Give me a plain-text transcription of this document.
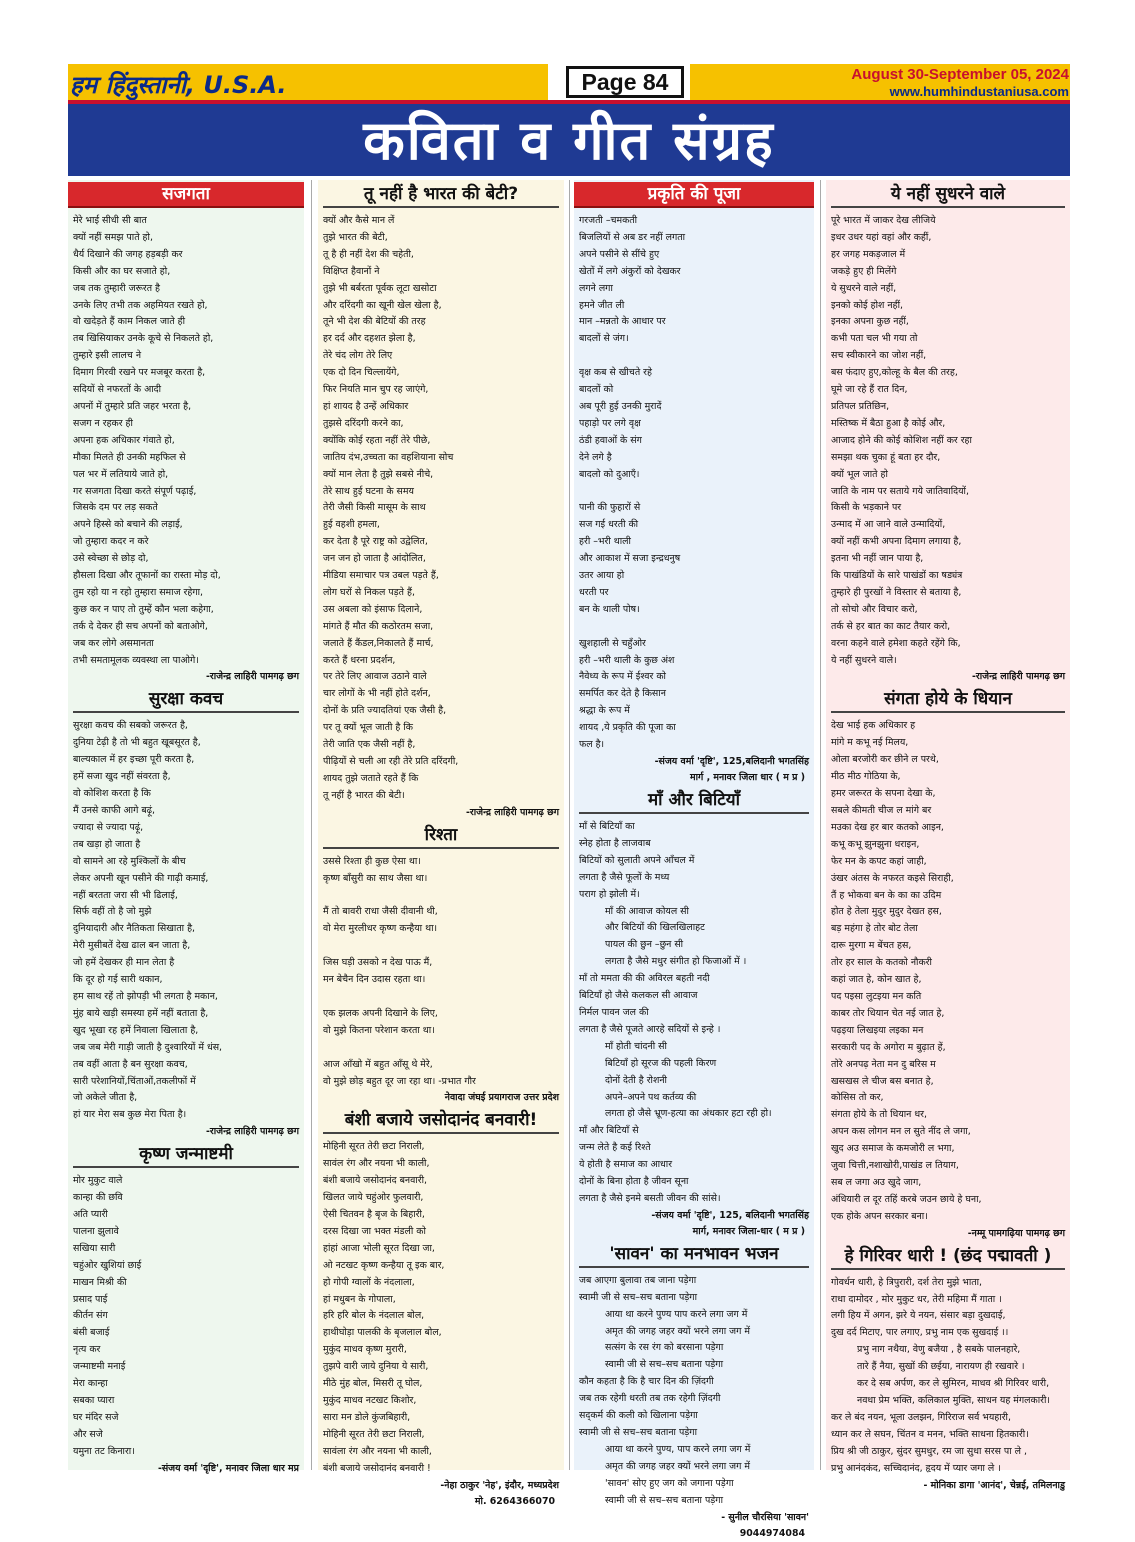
हम हिंदुस्तानी, U.S.A.	Page 84	August 30-September 05, 2024
www.humhindustaniusa.com
कविता व गीत संग्रह
सजगता
मेरे भाई सीधी सी बात
क्यों नहीं समझ पाते हो,
धैर्य दिखाने की जगह हड़बड़ी कर
किसी और का घर सजाते हो,
जब तक तुम्हारी जरूरत है
उनके लिए तभी तक अहमियत रखते हो,
वो खदेड़ते हैं काम निकल जाते ही
तब खिसियाकर उनके कूचे से निकलते हो,
तुम्हारे इसी लालच ने
दिमाग गिरवी रखने पर मजबूर करता है,
सदियों से नफरतों के आदी
अपनों में तुम्हारे प्रति जहर भरता है,
सजग न रहकर ही
अपना हक अधिकार गंवाते हो,
मौका मिलते ही उनकी महफिल से
पल भर में लतियाये जाते हो,
गर सजगता दिखा करते संपूर्ण पढ़ाई,
जिसके दम पर लड़ सकते
अपने हिस्से को बचाने की लड़ाई,
जो तुम्हारा कदर न करे
उसे स्वेच्छा से छोड़ दो,
हौसला दिखा और तूफानों का रास्ता मोड़ दो,
तुम रहो या न रहो तुम्हारा समाज रहेगा,
कुछ कर न पाए तो तुम्हें कौन भला कहेगा,
तर्क दे देकर ही सच अपनों को बताओगे,
जब कर लोगे असमानता
तभी समतामूलक व्यवस्था ला पाओगे।
-राजेन्द्र लाहिरी पामगढ़ छग
सुरक्षा कवच
सुरक्षा कवच की सबको जरूरत है,
दुनिया टेढ़ी है तो भी बहुत खूबसूरत है,
बाल्यकाल में हर इच्छा पूरी करता है,
हमें सजा खुद नहीं संवरता है,
वो कोशिश करता है कि
मैं उनसे काफी आगे बढ़ूं,
ज्यादा से ज्यादा पढ़ूं,
तब खड़ा हो जाता है
वो सामने आ रहे मुश्किलों के बीच
लेकर अपनी खून पसीने की गाढ़ी कमाई,
नहीं बरतता जरा सी भी ढिलाई,
सिर्फ वहीं तो है जो मुझे
दुनियादारी और नैतिकता सिखाता है,
मेरी मुसीबतें देख ढाल बन जाता है,
जो हमें देखकर ही मान लेता है
कि दूर हो गई सारी थकान,
हम साथ रहें तो झोपड़ी भी लगता है मकान,
मुंह बाये खड़ी समस्या हमें नहीं बताता है,
खुद भूखा रह हमें निवाला खिलाता है,
जब जब मेरी गाड़ी जाती है दुश्वारियों में धंस,
तब वहीं आता है बन सुरक्षा कवच,
सारी परेशानियों,चिंताओं,तकलीफों में
जो अकेले जीता है,
हां यार मेरा सब कुछ मेरा पिता है।
-राजेन्द्र लाहिरी पामगढ़ छग
कृष्ण जन्माष्टमी
मोर मुकुट वाले
कान्हा की छवि
अति प्यारी
पालना झुलावे
सखिया सारी
चहुंओर खुशियां छाई
माखन मिश्री की
प्रसाद पाई
कीर्तन संग
बंसी बजाई
नृत्य कर
जन्माष्टमी मनाई
मेरा कान्हा
सबका प्यारा
घर मंदिर सजे
और सजे
यमुना तट किनारा।
-संजय वर्मा 'दृष्टि', मनावर जिला धार मप्र
तू नहीं है भारत की बेटी?
क्यों और कैसे मान लें
तुझे भारत की बेटी,
तू है ही नहीं देश की चहेती,
विक्षिप्त हैवानों ने
तुझे भी बर्बरता पूर्वक लूटा खसोटा
और दरिंदगी का खूनी खेल खेला है,
तूने भी देश की बेटियों की तरह
हर दर्द और दहशत झेला है,
तेरे चंद लोग तेरे लिए
एक दो दिन चिल्लायेंगे,
फिर नियति मान चुप रह जाएंगे,
हां शायद है उन्हें अधिकार
तुझसे दरिंदगी करने का,
क्योंकि कोई रहता नहीं तेरे पीछे,
जातिय दंभ,उच्चता का वहशियाना सोच
क्यों मान लेता है तुझे सबसे नीचे,
तेरे साथ हुई घटना के समय
तेरी जैसी किसी मासूम के साथ
हुई वहशी हमला,
कर देता है पूरे राष्ट्र को उद्वेलित,
जन जन हो जाता है आंदोलित,
मीडिया समाचार पत्र उबल पड़ते हैं,
लोग घरों से निकल पड़ते हैं,
उस अबला को इंसाफ दिलाने,
मांगते हैं मौत की कठोरतम सजा,
जलाते हैं कैंडल,निकालते हैं मार्च,
करते हैं धरना प्रदर्शन,
पर तेरे लिए आवाज उठाने वाले
चार लोगों के भी नहीं होते दर्शन,
दोनों के प्रति ज्यादतियां एक जैसी है,
पर तू क्यों भूल जाती है कि
तेरी जाति एक जैसी नहीं है,
पीढ़ियों से चली आ रही तेरे प्रति दरिंदगी,
शायद तुझे जताते रहते हैं कि
तू नहीं है भारत की बेटी।
-राजेन्द्र लाहिरी पामगढ़ छग
रिश्ता
उससे रिश्ता ही कुछ ऐसा था।
कृष्ण बाँसुरी का साथ जैसा था।

मैं तो बावरी राधा जैसी दीवानी थी,
वो मेरा मुरलीधर कृष्ण कन्हैया था।

जिस घड़ी उसको न देख पाऊ मैं,
मन बेचैन दिन उदास रहता था।

एक झलक अपनी दिखाने के लिए,
वो मुझे कितना परेशान करता था।

आज आँखो में बहुत आँसू थे मेरे,
वो मुझे छोड़ बहुत दूर जा रहा था। -प्रभात गौर
नेवादा जंघई प्रयागराज उत्तर प्रदेश
बंशी बजाये जसोदानंद बनवारी!
मोहिनी सूरत तेरी छटा निराली,
सावंल रंग और नयना भी काली,
बंशी बजाये जसोदानंद बनवारी,
खिलत जाये चहुंओर फुलवारी,
ऐसी चितवन है बृज के बिहारी,
दरस दिखा जा भक्त मंडली को
हांहां आजा भोली सूरत दिखा जा,
ओ नटखट कृष्ण कन्हैया तू इक बार,
हो गोपी ग्वालों के नंदलाला,
हां मधुबन के गोपाला,
हरि हरि बोल के नंदलाल बोल,
हाथीघोड़ा पालकी के बृजलाल बोल,
मुकुंद माधव कृष्ण मुरारी,
तुझपे वारी जाये दुनिया ये सारी,
मीठे मुंह बोल, मिसरी तू घोल,
मुकुंद माधव नटखट किशोर,
सारा मन डोले कुंजबिहारी,
मोहिनी सूरत तेरी छटा निराली,
सावंला रंग और नयना भी काली,
बंशी बजाये जसोदानंद बनवारी !
-नेहा ठाकुर 'नेह', इंदौर, मध्यप्रदेश
मो. 6264366070
प्रकृति की पूजा
गरजती –चमकती
बिजलियों से अब डर नहीं लगता
अपने पसीने से सींचे हुए
खेतों में लगे अंकुरों को देखकर
लगने लगा
हमने जीत ली
मान –मन्नतो के आधार पर
बादलों से जंग।

वृक्ष कब से खीचते रहे
बादलों को
अब पूरी हुई उनकी मुरादें
पहाड़ो पर लगे वृक्ष
ठंडी हवाओं के संग
देने लगे है
बादलो को दुआएँ।

पानी की फुहारों से
सज गई धरती की
हरी –भरी थाली
और आकाश में सजा इन्द्रधनुष
उतर आया हो
धरती पर
बन के थाली पोष।

खुशहाली से चहुँओर
हरी –भरी थाली के कुछ अंश
नैवेध्य के रूप में ईश्वर को
समर्पित कर देते है किसान
श्रद्धा के रूप में
शायद ,ये प्रकृति की पूजा का
फल है।
-संजय वर्मा 'दृष्टि', 125,बलिदानी भगतसिंह
मार्ग , मनावर जिला धार ( म प्र )
माँ और बिटियाँ
माँ से बिटियाँ का
स्नेह होता है लाजवाब
बिटियों को सुलाती अपने आँचल में
लगता है जैसे फूलों के मध्य
पराग हो झोली में।
माँ की आवाज कोयल सी
और बिटियों की खिलखिलाहट
पायल की छुन –छुन सी
लगता है जैसे मधुर संगीत हो फिजाओं में ।
माँ तो ममता की की अविरल बहती नदी
बिटियाँ हो जैसे कलकल सी आवाज
निर्मल पावन जल की
लगता है जैसे पूजते आरहे सदियों से इन्हे ।
माँ होती चांदनी सी
बिटियाँ हो सूरज की पहली किरण
दोनों देती है रोशनी
अपने–अपने पथ कर्तव्य की
लगता हो जैसे भ्रूण-हत्या का अंधकार हटा रही हो।
माँ और बिटियाँ से
जन्म लेते है कई रिश्ते
ये होती है समाज का आधार
दोनों के बिना होता है जीवन सूना
लगता है जैसे इनमे बसती जीवन की सांसे।
-संजय वर्मा 'दृष्टि', 125, बलिदानी भगतसिंह
मार्ग, मनावर जिला-धार ( म प्र )
'सावन' का मनभावन भजन
जब आएगा बुलावा तब जाना पड़ेगा
स्वामी जी से सच–सच बताना पड़ेगा
आया था करने पुण्य पाप करने लगा जग में
अमृत की जगह जहर क्यों भरने लगा जग में
सत्संग के रस रंग को बरसाना पड़ेगा
स्वामी जी से सच–सच बताना पड़ेगा
कौन कहता है कि है चार दिन की ज़िंदगी
जब तक रहेगी धरती तब तक रहेगी ज़िंदगी
सद्कर्म की कली को खिलाना पड़ेगा
स्वामी जी से सच–सच बताना पड़ेगा
आया था करने पुण्य, पाप करने लगा जग में
अमृत की जगह जहर क्यों भरने लगा जग में
'सावन' सोए हुए जग को जगाना पड़ेगा
स्वामी जी से सच–सच बताना पड़ेगा
- सुनील चौरसिया 'सावन'
9044974084
ये नहीं सुधरने वाले
पूरे भारत में जाकर देख लीजिये
इधर उधर यहां वहां और कहीं,
हर जगह मकड़जाल में
जकड़े हुए ही मिलेंगे
ये सुधरने वाले नहीं,
इनको कोई होश नहीं,
इनका अपना कुछ नहीं,
कभी पता चल भी गया तो
सच स्वीकारने का जोश नहीं,
बस फंदाए हुए,कोल्हू के बैल की तरह,
घूमे जा रहे हैं रात दिन,
प्रतिपल प्रतिछिन,
मस्तिष्क में बैठा हुआ है कोई और,
आजाद होने की कोई कोशिश नहीं कर रहा
समझा थक चुका हूं बता हर दौर,
क्यों भूल जाते हो
जाति के नाम पर सताये गये जातिवादियों,
किसी के भड़काने पर
उन्माद में आ जाने वाले उन्मादियों,
क्यों नहीं कभी अपना दिमाग लगाया है,
इतना भी नहीं जान पाया है,
कि पाखंडियों के सारे पाखंडों का षड्यंत्र
तुम्हारे ही पुरखों ने विस्तार से बताया है,
तो सोचो और विचार करो,
तर्क से हर बात का काट तैयार करो,
वरना कहने वाले हमेशा कहते रहेंगे कि,
ये नहीं सुधरने वाले।
-राजेन्द्र लाहिरी पामगढ़ छग
संगता होये के धियान
देख भाई हक अधिकार ह
मांगे म कभू नई मिलय,
ओला बरजोरी कर छीने ल परथे,
मीठ मीठ गोठिया के,
हमर जरूरत के सपना देखा के,
सबले कीमती चीज ल मांगे बर
मउका देख हर बार कतको आइन,
कभू कभू झुनझुना धराइन,
फेर मन के कपट कहां जाही,
उंखर अंतस के नफरत कइसे सिराही,
तैं ह भोकवा बन के का का उदिम
होत हे तेला मुदुर मुदुर देखत हस,
बड़ महंगा हे तोर बोट तेला
दारू मुरगा म बेंचत हस,
तोर हर साल के कतको नौकरी
कहां जात हे, कोन खात हे,
पद पइसा लुटइया मन कति
काबर तोर धियान चेत नई जात हे,
पढ़इया लिखइया लइका मन
सरकारी पद के अगोरा म बुढ़ात हें,
तोरे अनपढ़ नेता मन दु बरिस म
खसखस ले चीज बस बनात हे,
कोसिस तो कर,
संगता होये के तो धियान धर,
अपन कस लोगन मन ल सुते नींद ले जगा,
खुद अउ समाज के कमजोरी ल भगा,
जुवा चित्ती,नशाखोरी,पाखंड ल तियाग,
सब ल जगा अउ खुदे जाग,
अंधियारी ल दूर तहिं करबे जउन छाये हे घना,
एक होके अपन सरकार बना।
-नम्मू पामगढ़िया पामगढ़ छग
हे गिरिवर धारी ! (छंद पद्मावती )
गोवर्धन धारी, हे त्रिपुरारी, दर्श तेरा मुझे भाता,
राधा दामोदर , मोर मुकुट धर, तेरी महिमा मैं गाता ।
लगी हिय में अगन, झरे ये नयन, संसार बड़ा दुखदाई,
दुख दर्द मिटाए, पार लगाए, प्रभु नाम एक सुखदाई ।।
प्रभु नाग नथैया, वेणु बजैया , है सबके पालनहारे,
तारे हैं नैया, सुखों की छईया, नारायण ही रखवारे ।
कर दे सब अर्पण, कर ले सुमिरन, माधव श्री गिरिवर धारी,
नवधा प्रेम भक्ति, कलिकाल मुक्ति, साधन यह मंगलकारी।
कर ले बंद नयन, भूला उलझन, गिरिराज सर्व भयहारी,
ध्यान कर ले सघन, चिंतन व मनन, भक्ति साधना हितकारी।
प्रिय श्री जी ठाकुर, सुंदर सुमधुर, रम जा सुधा सरस पा ले ,
प्रभु आनंदकंद, सच्चिदानंद, हृदय में प्यार जगा ले ।
- मोनिका डागा 'आनंद', चेन्नई, तमिलनाडु
